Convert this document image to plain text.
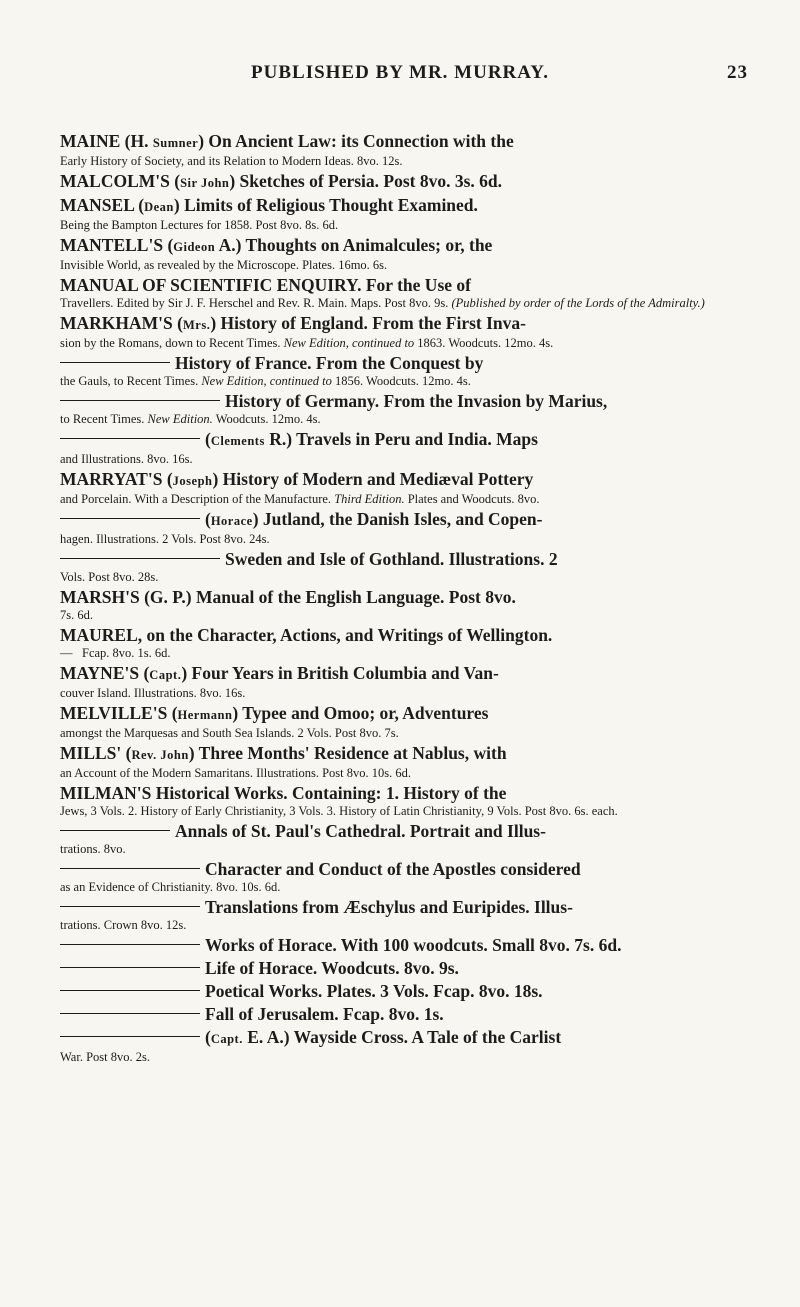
PUBLISHED BY MR. MURRAY.	23
MAINE (H. Sumner) On Ancient Law: its Connection with the
Early History of Society, and its Relation to Modern Ideas. 8vo. 12s.
MALCOLM'S (Sir John) Sketches of Persia. Post 8vo. 3s. 6d.
MANSEL (Dean) Limits of Religious Thought Examined.
Being the Bampton Lectures for 1858. Post 8vo. 8s. 6d.
MANTELL'S (Gideon A.) Thoughts on Animalcules; or, the
Invisible World, as revealed by the Microscope. Plates. 16mo. 6s.
MANUAL OF SCIENTIFIC ENQUIRY. For the Use of
Travellers. Edited by Sir J. F. Herschel and Rev. R. Main. Maps. Post 8vo. 9s. (Published by order of the Lords of the Admiralty.)
MARKHAM'S (Mrs.) History of England. From the First Inva-
sion by the Romans, down to Recent Times. New Edition, continued to 1863. Woodcuts. 12mo. 4s.
History of France. From the Conquest by
the Gauls, to Recent Times. New Edition, continued to 1856. Woodcuts. 12mo. 4s.
History of Germany. From the Invasion by Marius,
to Recent Times. New Edition. Woodcuts. 12mo. 4s.
(Clements R.) Travels in Peru and India. Maps
and Illustrations. 8vo. 16s.
MARRYAT'S (Joseph) History of Modern and Mediæval Pottery
and Porcelain. With a Description of the Manufacture. Third Edition. Plates and Woodcuts. 8vo.
(Horace) Jutland, the Danish Isles, and Copen-
hagen. Illustrations. 2 Vols. Post 8vo. 24s.
Sweden and Isle of Gothland. Illustrations. 2
Vols. Post 8vo. 28s.
MARSH'S (G. P.) Manual of the English Language. Post 8vo.
7s. 6d.
MAUREL, on the Character, Actions, and Writings of Wellington.
— Fcap. 8vo. 1s. 6d.
MAYNE'S (Capt.) Four Years in British Columbia and Van-
couver Island. Illustrations. 8vo. 16s.
MELVILLE'S (Hermann) Typee and Omoo; or, Adventures
amongst the Marquesas and South Sea Islands. 2 Vols. Post 8vo. 7s.
MILLS' (Rev. John) Three Months' Residence at Nablus, with
an Account of the Modern Samaritans. Illustrations. Post 8vo. 10s. 6d.
MILMAN'S Historical Works. Containing: 1. History of the
Jews, 3 Vols. 2. History of Early Christianity, 3 Vols. 3. History of Latin Christianity, 9 Vols. Post 8vo. 6s. each.
Annals of St. Paul's Cathedral. Portrait and Illus-
trations. 8vo.
Character and Conduct of the Apostles considered
as an Evidence of Christianity. 8vo. 10s. 6d.
Translations from Æschylus and Euripides. Illus-
trations. Crown 8vo. 12s.
Works of Horace. With 100 woodcuts. Small 8vo. 7s. 6d.
Life of Horace. Woodcuts. 8vo. 9s.
Poetical Works. Plates. 3 Vols. Fcap. 8vo. 18s.
Fall of Jerusalem. Fcap. 8vo. 1s.
(Capt. E. A.) Wayside Cross. A Tale of the Carlist
War. Post 8vo. 2s.
